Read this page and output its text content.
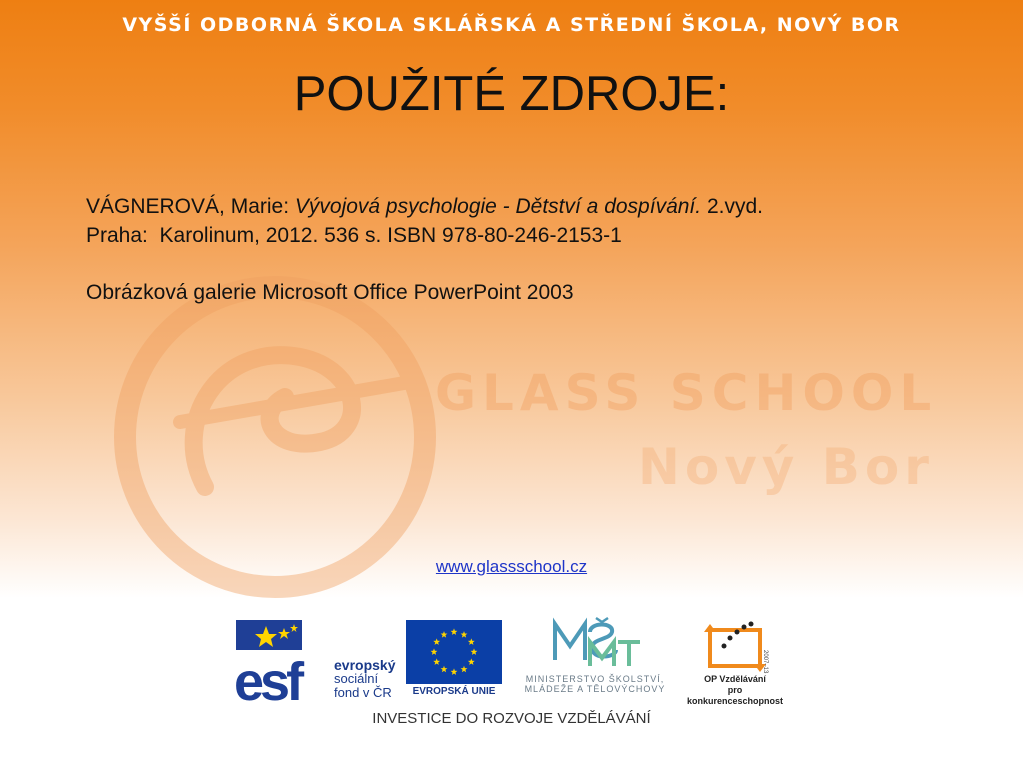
VYŠŠÍ ODBORNÁ ŠKOLA SKLÁŘSKÁ A STŘEDNÍ ŠKOLA, NOVÝ BOR
POUŽITÉ ZDROJE:
GLASS SCHOOL
Nový Bor

VÁGNEROVÁ, Marie: Vývojová psychologie - Dětství a dospívání. 2.vyd.

Praha:  Karolinum, 2012. 536 s. ISBN 978-80-246-2153-1

Obrázková galerie Microsoft Office PowerPoint 2003

www.glassschool.cz
esf	evropský
sociální
fond v ČR	EVROPSKÁ UNIE
MINISTERSTVO ŠKOLSTVÍ,
MLÁDEŽE A TĚLOVÝCHOVY
2007–13
OP Vzdělávání
pro konkurenceschopnost
INVESTICE DO ROZVOJE VZDĚLÁVÁNÍ
